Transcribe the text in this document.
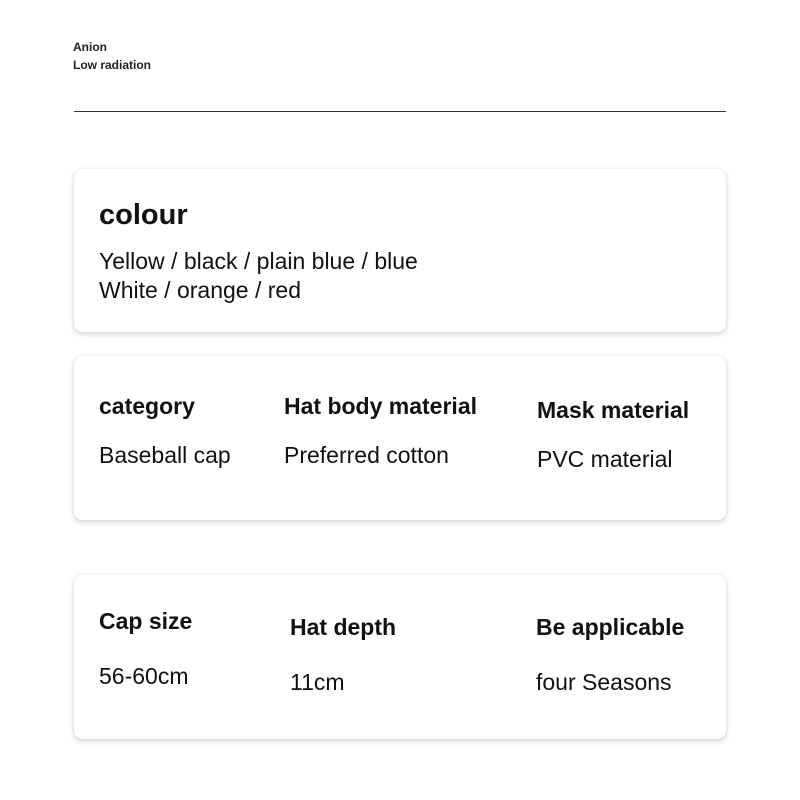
Anion
Low radiation
colour
Yellow / black / plain blue / blue
White / orange / red
category
Baseball cap
Hat body material
Preferred cotton
Mask material
PVC material
Cap size
56-60cm
Hat depth
11cm
Be applicable
four Seasons
